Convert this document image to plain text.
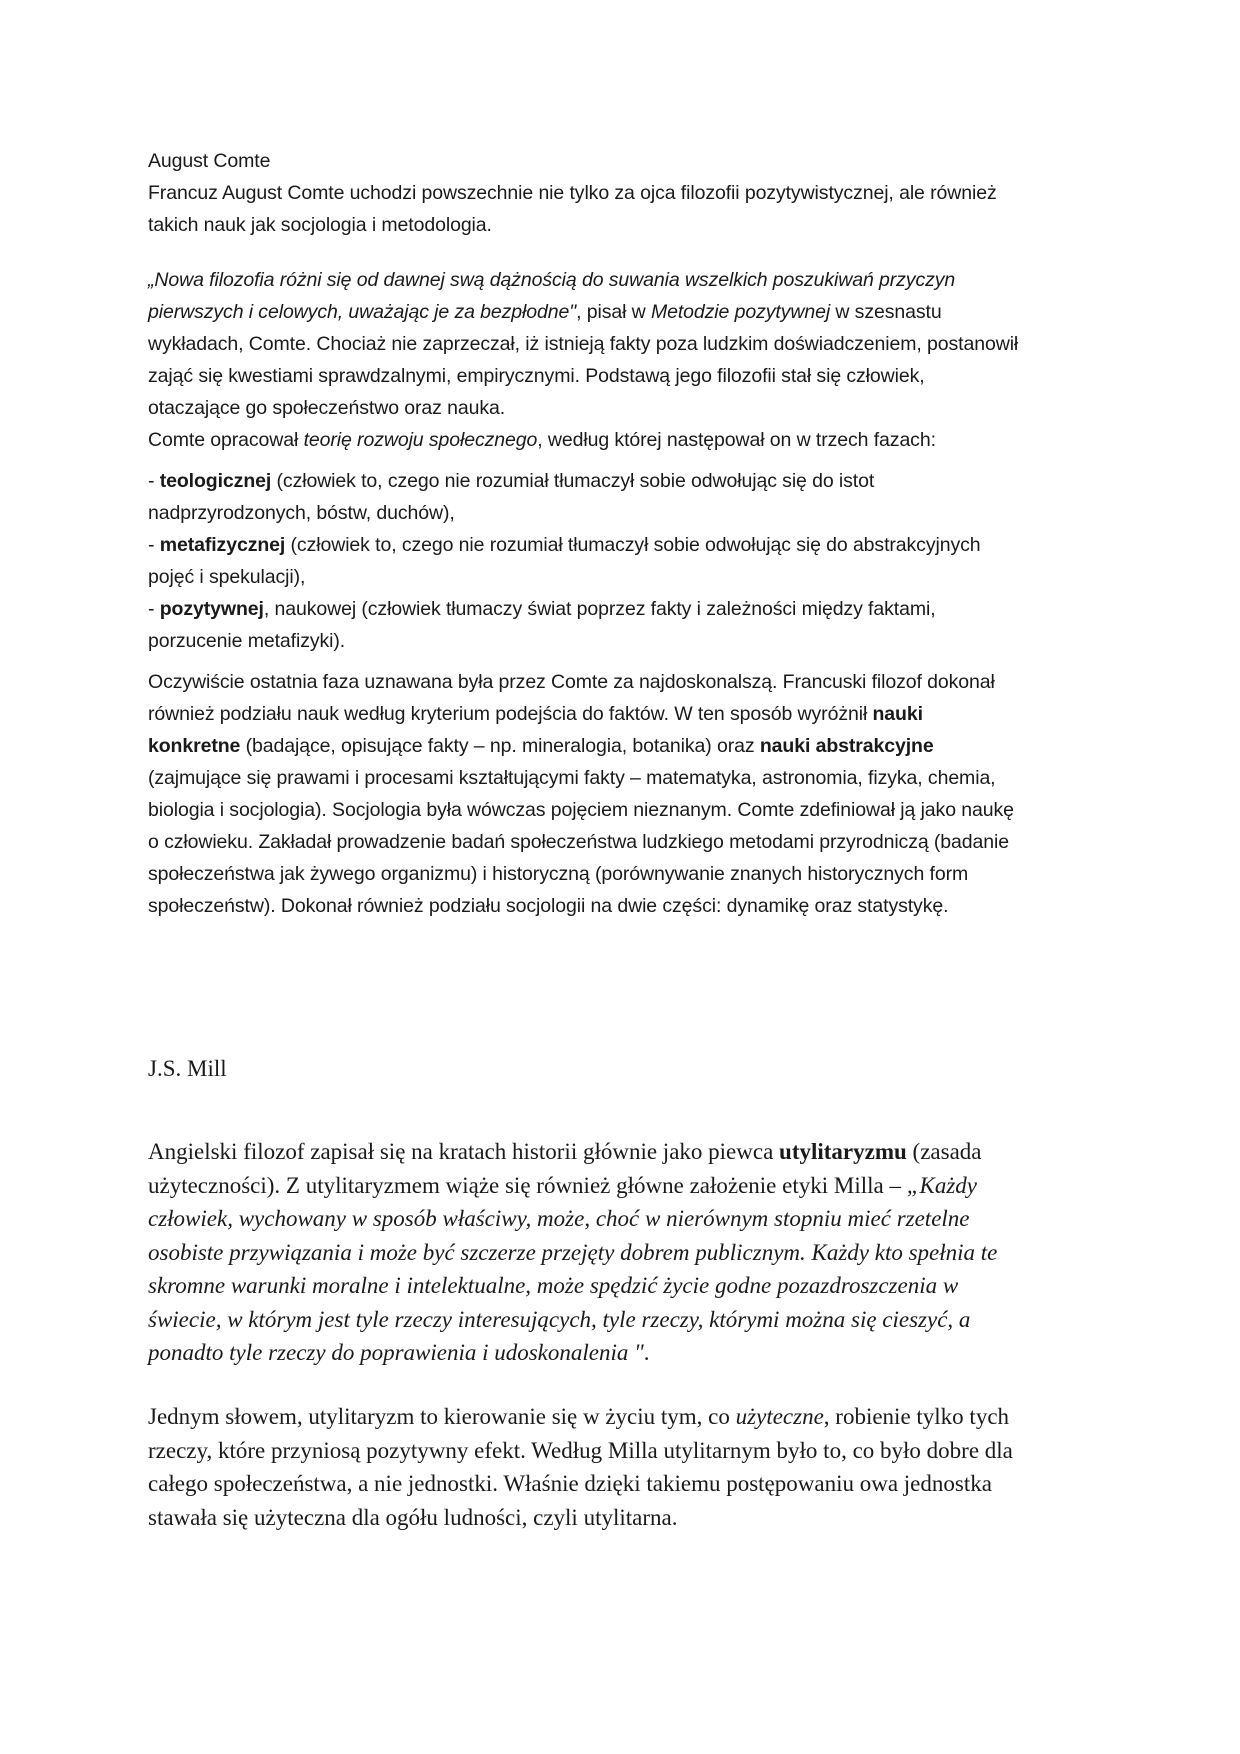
August Comte
Francuz August Comte uchodzi powszechnie nie tylko za ojca filozofii pozytywistycznej, ale również
takich nauk jak socjologia i metodologia.
„Nowa filozofia różni się od dawnej swą dążnością do suwania wszelkich poszukiwań przyczyn
pierwszych i celowych, uważając je za bezpłodne", pisał w Metodzie pozytywnej w szesnastu
wykładach, Comte. Chociaż nie zaprzeczał, iż istnieją fakty poza ludzkim doświadczeniem, postanowił
zająć się kwestiami sprawdzalnymi, empirycznymi. Podstawą jego filozofii stał się człowiek,
otaczające go społeczeństwo oraz nauka.
Comte opracował teorię rozwoju społecznego, według której następował on w trzech fazach:
- teologicznej (człowiek to, czego nie rozumiał tłumaczył sobie odwołując się do istot
nadprzyrodzonych, bóstw, duchów),
- metafizycznej (człowiek to, czego nie rozumiał tłumaczył sobie odwołując się do abstrakcyjnych
pojęć i spekulacji),
- pozytywnej, naukowej (człowiek tłumaczy świat poprzez fakty i zależności między faktami,
porzucenie metafizyki).
Oczywiście ostatnia faza uznawana była przez Comte za najdoskonalszą. Francuski filozof dokonał
również podziału nauk według kryterium podejścia do faktów. W ten sposób wyróżnił nauki
konkretne (badające, opisujące fakty – np. mineralogia, botanika) oraz nauki abstrakcyjne
(zajmujące się prawami i procesami kształtującymi fakty – matematyka, astronomia, fizyka, chemia,
biologia i socjologia). Socjologia była wówczas pojęciem nieznanym. Comte zdefiniował ją jako naukę
o człowieku. Zakładał prowadzenie badań społeczeństwa ludzkiego metodami przyrodniczą (badanie
społeczeństwa jak żywego organizmu) i historyczną (porównywanie znanych historycznych form
społeczeństw). Dokonał również podziału socjologii na dwie części: dynamikę oraz statystykę.
J.S. Mill
Angielski filozof zapisał się na kratach historii głównie jako piewca utylitaryzmu (zasada
użyteczności). Z utylitaryzmem wiąże się również główne założenie etyki Milla – „Każdy
człowiek, wychowany w sposób właściwy, może, choć w nierównym stopniu mieć rzetelne
osobiste przywiązania i może być szczerze przejęty dobrem publicznym. Każdy kto spełnia te
skromne warunki moralne i intelektualne, może spędzić życie godne pozazdroszczenia w
świecie, w którym jest tyle rzeczy interesujących, tyle rzeczy, którymi można się cieszyć, a
ponadto tyle rzeczy do poprawienia i udoskonalenia ".
Jednym słowem, utylitaryzm to kierowanie się w życiu tym, co użyteczne, robienie tylko tych
rzeczy, które przyniosą pozytywny efekt. Według Milla utylitarnym było to, co było dobre dla
całego społeczeństwa, a nie jednostki. Właśnie dzięki takiemu postępowaniu owa jednostka
stawała się użyteczna dla ogółu ludności, czyli utylitarna.
